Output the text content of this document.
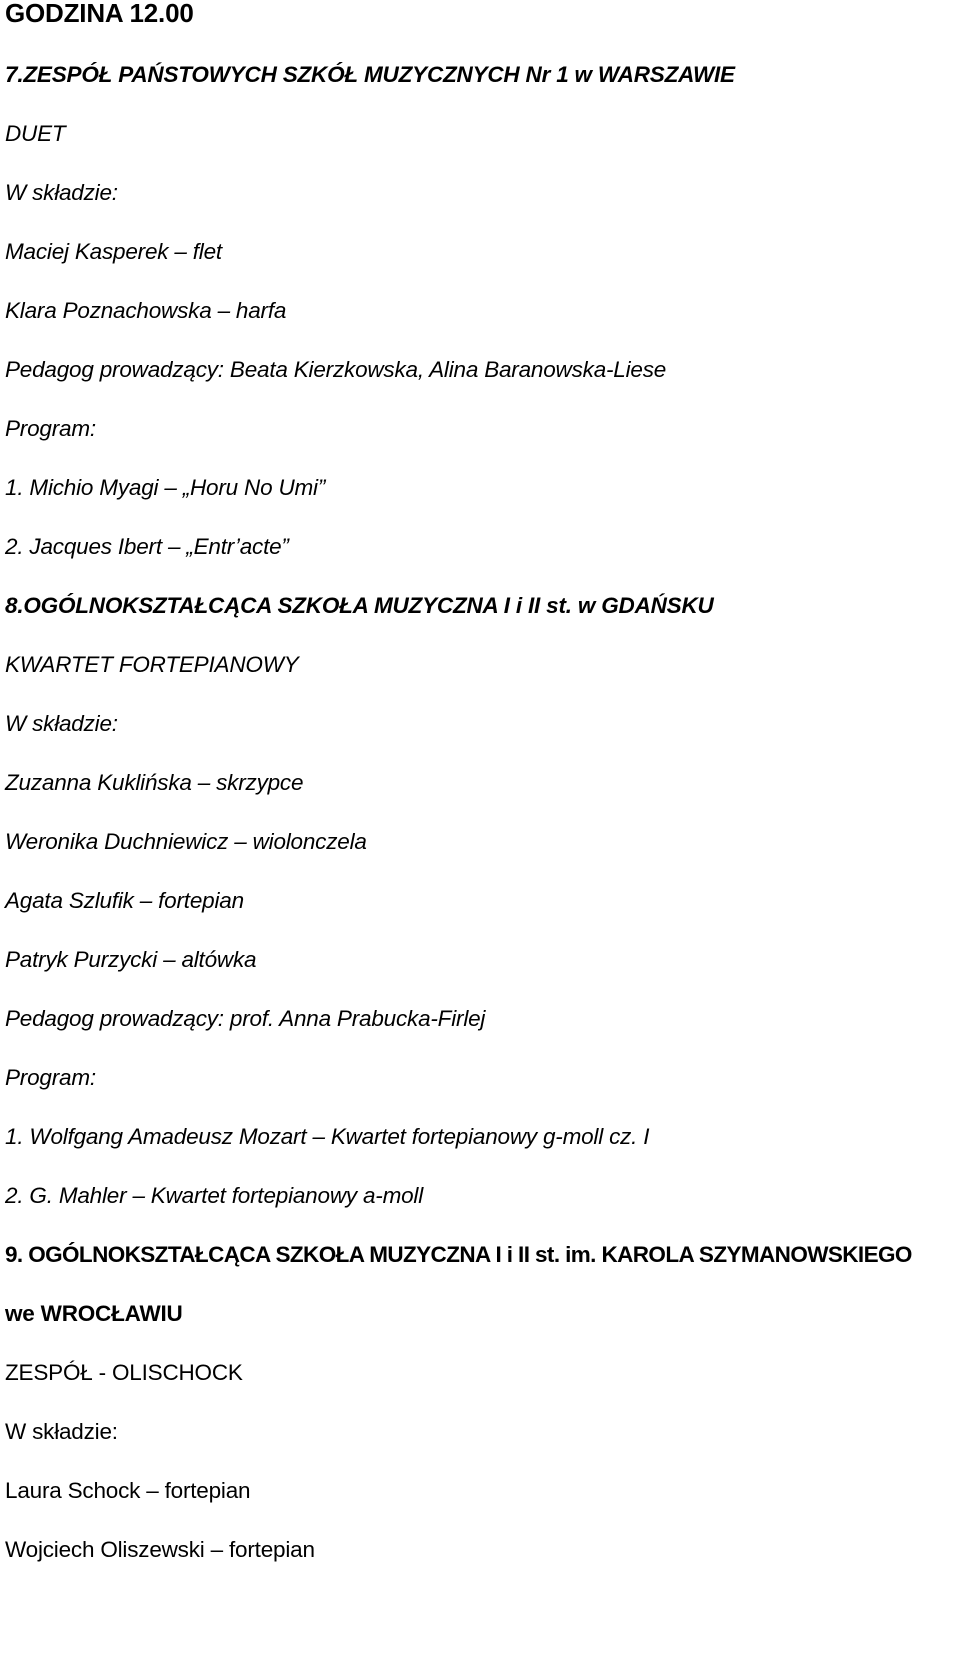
GODZINA 12.00
7.ZESPÓŁ PAŃSTOWYCH SZKÓŁ MUZYCZNYCH Nr 1 w WARSZAWIE
DUET
W składzie:
Maciej Kasperek – flet
Klara Poznachowska – harfa
Pedagog prowadzący: Beata Kierzkowska, Alina Baranowska-Liese
Program:
1. Michio Myagi – „Horu No Umi”
2. Jacques Ibert – „Entr’acte”
8.OGÓLNOKSZTAŁCĄCA SZKOŁA MUZYCZNA I i II st. w GDAŃSKU
KWARTET FORTEPIANOWY
W składzie:
Zuzanna Kuklińska – skrzypce
Weronika Duchniewicz – wiolonczela
Agata Szlufik – fortepian
Patryk Purzycki – altówka
Pedagog prowadzący: prof. Anna Prabucka-Firlej
Program:
1. Wolfgang Amadeusz Mozart – Kwartet fortepianowy g-moll cz. I
2. G. Mahler – Kwartet fortepianowy a-moll
9. OGÓLNOKSZTAŁCĄCA SZKOŁA MUZYCZNA I i II st. im. KAROLA SZYMANOWSKIEGO
we WROCŁAWIU
ZESPÓŁ - OLISCHOCK
W składzie:
Laura Schock – fortepian
Wojciech Oliszewski – fortepian
